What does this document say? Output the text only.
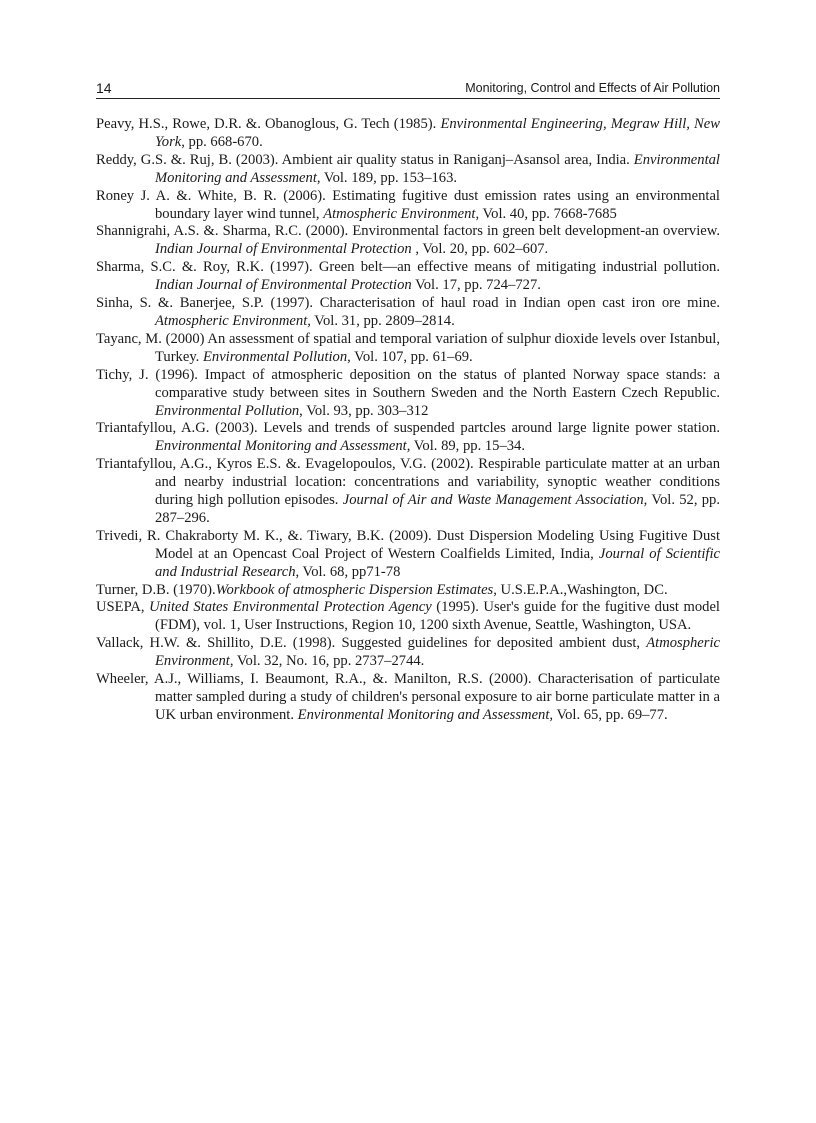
14	Monitoring, Control and Effects of Air Pollution
Peavy, H.S., Rowe, D.R. &. Obanoglous, G. Tech (1985). Environmental Engineering, Megraw Hill, New York, pp. 668-670.
Reddy, G.S. &. Ruj, B. (2003). Ambient air quality status in Raniganj–Asansol area, India. Environmental Monitoring and Assessment, Vol. 189, pp. 153–163.
Roney J. A. &. White, B. R. (2006). Estimating fugitive dust emission rates using an environmental boundary layer wind tunnel, Atmospheric Environment, Vol. 40, pp. 7668-7685
Shannigrahi, A.S. &. Sharma, R.C. (2000). Environmental factors in green belt development-an overview. Indian Journal of Environmental Protection , Vol. 20, pp. 602–607.
Sharma, S.C. &. Roy, R.K. (1997). Green belt—an effective means of mitigating industrial pollution. Indian Journal of Environmental Protection Vol. 17, pp. 724–727.
Sinha, S. &. Banerjee, S.P. (1997). Characterisation of haul road in Indian open cast iron ore mine. Atmospheric Environment, Vol. 31, pp. 2809–2814.
Tayanc, M. (2000) An assessment of spatial and temporal variation of sulphur dioxide levels over Istanbul, Turkey. Environmental Pollution, Vol. 107, pp. 61–69.
Tichy, J. (1996). Impact of atmospheric deposition on the status of planted Norway space stands: a comparative study between sites in Southern Sweden and the North Eastern Czech Republic. Environmental Pollution, Vol. 93, pp. 303–312
Triantafyllou, A.G. (2003). Levels and trends of suspended partcles around large lignite power station. Environmental Monitoring and Assessment, Vol. 89, pp. 15–34.
Triantafyllou, A.G., Kyros E.S. &. Evagelopoulos, V.G. (2002). Respirable particulate matter at an urban and nearby industrial location: concentrations and variability, synoptic weather conditions during high pollution episodes. Journal of Air and Waste Management Association, Vol. 52, pp. 287–296.
Trivedi, R. Chakraborty M. K., &. Tiwary, B.K. (2009). Dust Dispersion Modeling Using Fugitive Dust Model at an Opencast Coal Project of Western Coalfields Limited, India, Journal of Scientific and Industrial Research, Vol. 68, pp71-78
Turner, D.B. (1970).Workbook of atmospheric Dispersion Estimates, U.S.E.P.A.,Washington, DC.
USEPA, United States Environmental Protection Agency (1995). User's guide for the fugitive dust model (FDM), vol. 1, User Instructions, Region 10, 1200 sixth Avenue, Seattle, Washington, USA.
Vallack, H.W. &. Shillito, D.E. (1998). Suggested guidelines for deposited ambient dust, Atmospheric Environment, Vol. 32, No. 16, pp. 2737–2744.
Wheeler, A.J., Williams, I. Beaumont, R.A., &. Manilton, R.S. (2000). Characterisation of particulate matter sampled during a study of children's personal exposure to air borne particulate matter in a UK urban environment. Environmental Monitoring and Assessment, Vol. 65, pp. 69–77.
